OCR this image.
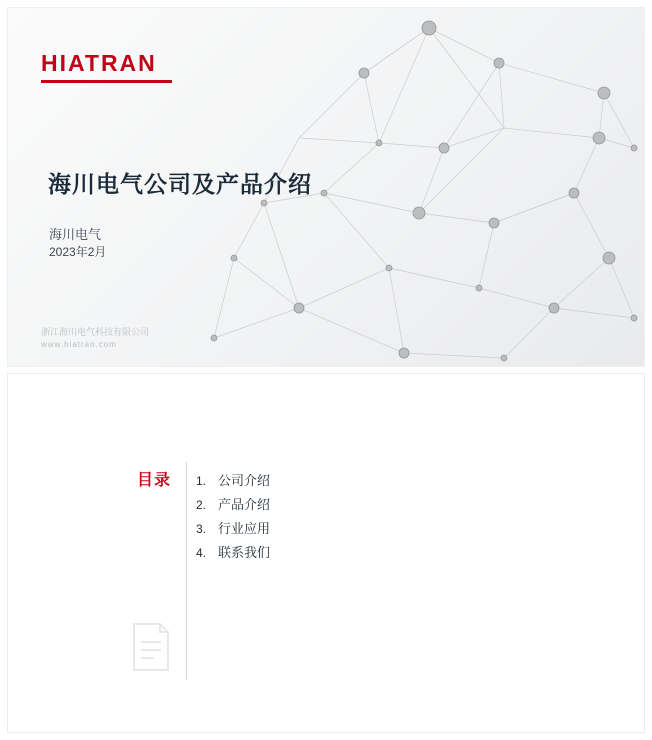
HIATRAN
海川电气公司及产品介绍
海川电气
2023年2月
浙江海川电气科技有限公司
www.hiatran.com
目录 1. 公司介绍
2. 产品介绍
3. 行业应用
4. 联系我们
